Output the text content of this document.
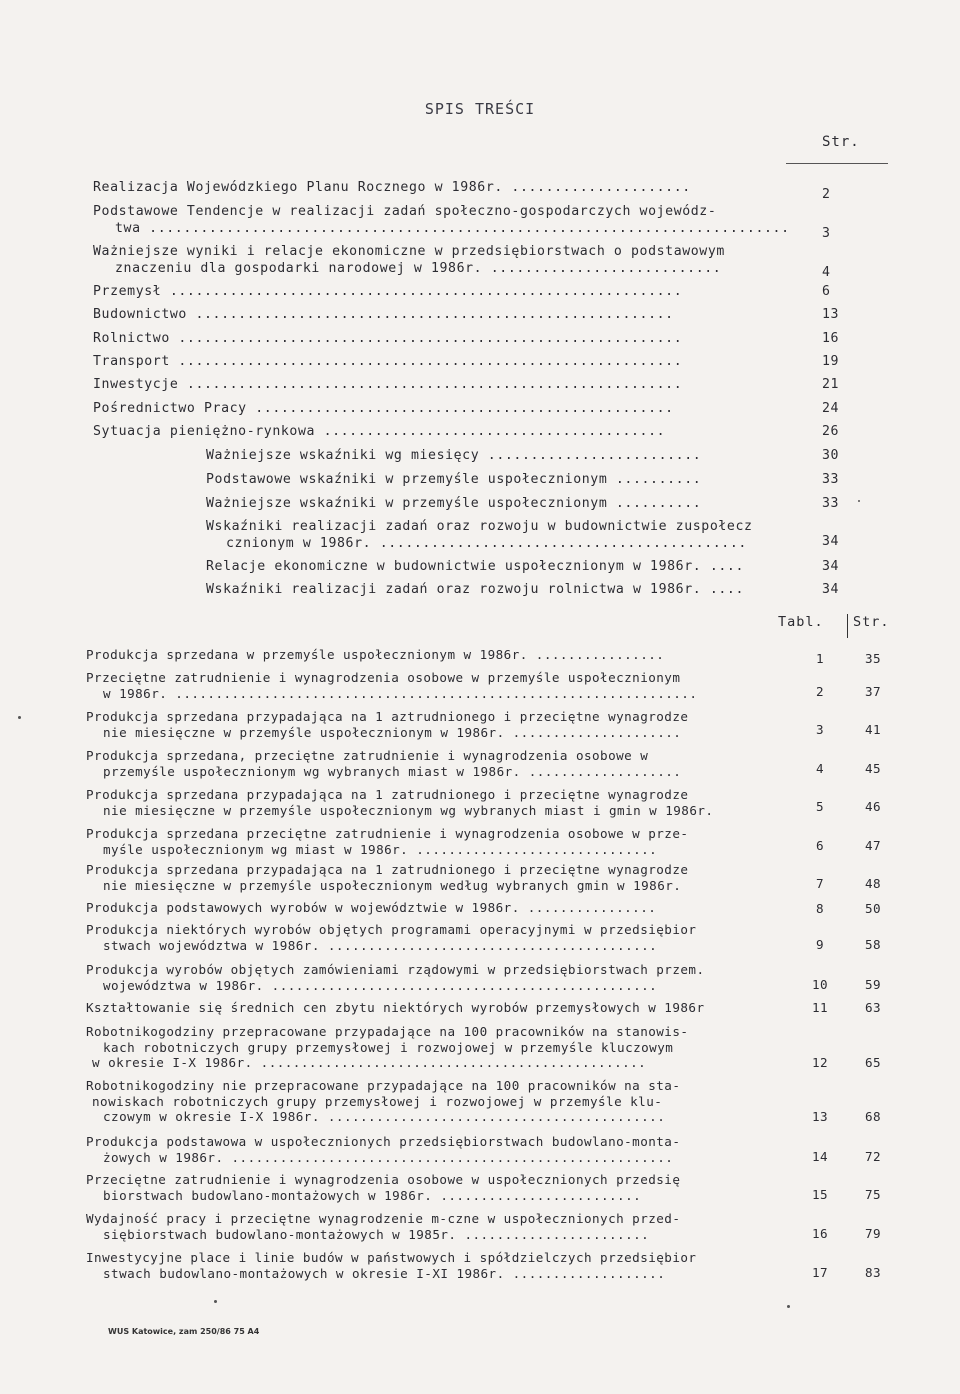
SPIS TREŚCI
Str.
Realizacja Wojewódzkiego Planu Rocznego w 1986r. .....................	2
Podstawowe Tendencje w realizacji zadań społeczno-gospodarczych wojewódz-
twa ........................................................................... 3
Ważniejsze wyniki i relacje ekonomiczne w przedsiębiorstwach o podstawowym
znaczeniu dla gospodarki narodowej w 1986r. ...........................	4
Przemysł ............................................................	6
Budownictwo ........................................................	13
Rolnictwo ...........................................................	16
Transport ...........................................................	19
Inwestycje ..........................................................	21
Pośrednictwo Pracy .................................................	24
Sytuacja pieniężno-rynkowa ........................................	26
Ważniejsze wskaźniki wg miesięcy .........................	30
Podstawowe wskaźniki w przemyśle uspołecznionym ..........	33
Ważniejsze wskaźniki w przemyśle uspołecznionym ..........	33
Wskaźniki realizacji zadań oraz rozwoju w budownictwie zuspołecz
cznionym w 1986r. ...........................................	34
Relacje ekonomiczne w budownictwie uspołecznionym w 1986r. ....	34
Wskaźniki realizacji zadań oraz rozwoju rolnictwa w 1986r. ....	34
Tabl. Str.
Produkcja sprzedana w przemyśle uspołecznionym w 1986r. ................	1	35
Przeciętne zatrudnienie i wynagrodzenia osobowe w przemyśle uspołecznionym
w 1986r. .................................................................	2	37
Produkcja sprzedana przypadająca na 1 aztrudnionego i przeciętne wynagrodze
nie miesięczne w przemyśle uspołecznionym w 1986r. .....................	3	41
Produkcja sprzedana, przeciętne zatrudnienie i wynagrodzenia osobowe w
przemyśle uspołecznionym wg wybranych miast w 1986r. ...................	4	45
Produkcja sprzedana przypadająca na 1 zatrudnionego i przeciętne wynagrodze
nie miesięczne w przemyśle uspołecznionym wg wybranych miast i gmin w 1986r.	5	46
Produkcja sprzedana przeciętne zatrudnienie i wynagrodzenia osobowe w prze-
myśle uspołecznionym wg miast w 1986r. ..............................	6	47
Produkcja sprzedana przypadająca na 1 zatrudnionego i przeciętne wynagrodze
nie miesięczne w przemyśle uspołecznionym według wybranych gmin w 1986r.	7	48
Produkcja podstawowych wyrobów w województwie w 1986r. ................	8	50
Produkcja niektórych wyrobów objętych programami operacyjnymi w przedsiębior
stwach województwa w 1986r. .........................................	9	58
Produkcja wyrobów objętych zamówieniami rządowymi w przedsiębiorstwach przem.
województwa w 1986r. ................................................	10	59
Kształtowanie się średnich cen zbytu niektórych wyrobów przemysłowych w 1986r	11	63
Robotnikogodziny przepracowane przypadające na 100 pracowników na stanowis-
kach robotniczych grupy przemysłowej i rozwojowej w przemyśle kluczowym
w okresie I-X 1986r. ................................................	12	65
Robotnikogodziny nie przepracowane przypadające na 100 pracowników na sta-
nowiskach robotniczych grupy przemysłowej i rozwojowej w przemyśle klu-
czowym w okresie I-X 1986r. ..........................................	13	68
Produkcja podstawowa w uspołecznionych przedsiębiorstwach budowlano-monta-
żowych w 1986r. .......................................................	14	72
Przeciętne zatrudnienie i wynagrodzenia osobowe w uspołecznionych przedsię
biorstwach budowlano-montażowych w 1986r. .........................	15	75
Wydajność pracy i przeciętne wynagrodzenie m-czne w uspołecznionych przed-
siębiorstwach budowlano-montażowych w 1985r. .......................	16	79
Inwestycyjne place i linie budów w państwowych i spółdzielczych przedsiębior
stwach budowlano-montażowych w okresie I-XI 1986r. ...................	17	83
WUS Katowice, zam 250/86 75 A4
